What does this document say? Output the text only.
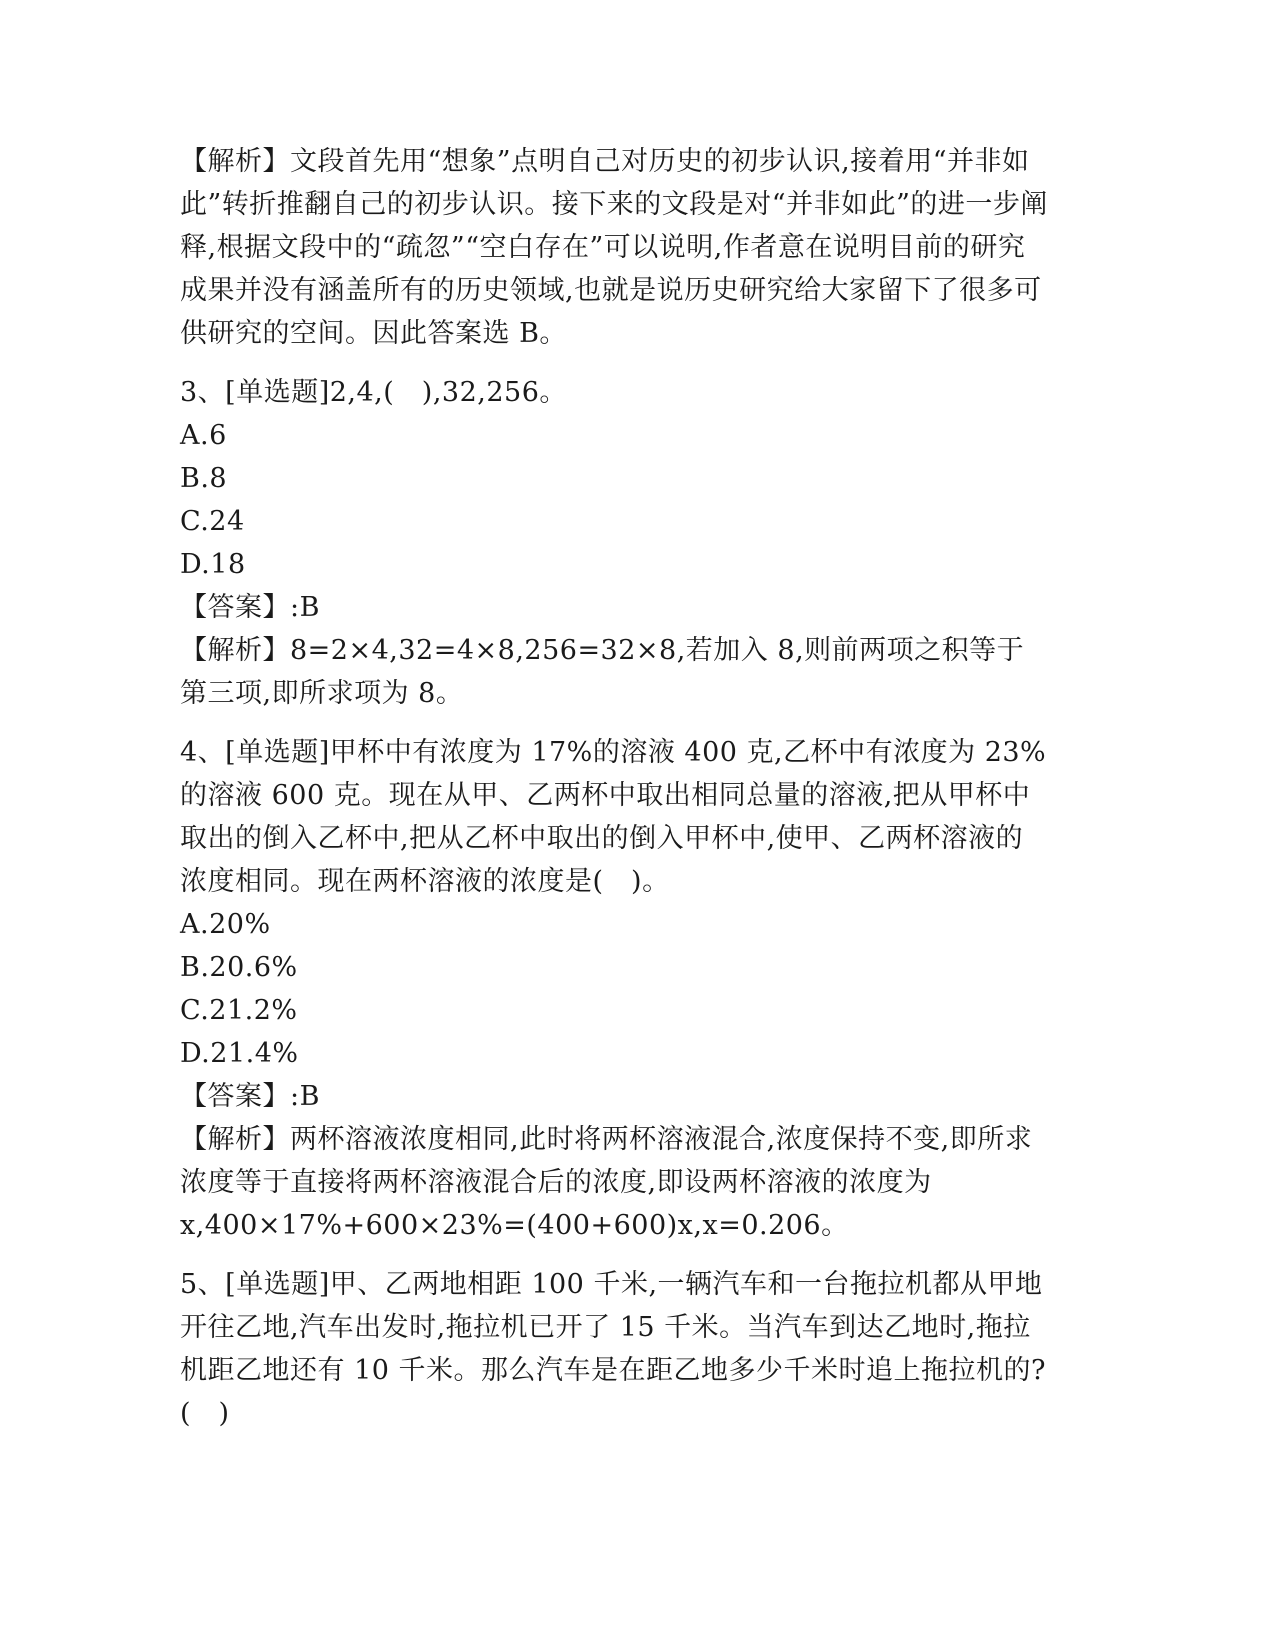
【解析】文段首先用“想象”点明自己对历史的初步认识,接着用“并非如此”转折推翻自己的初步认识。接下来的文段是对“并非如此”的进一步阐释,根据文段中的“疏忽”“空白存在”可以说明,作者意在说明目前的研究成果并没有涵盖所有的历史领域,也就是说历史研究给大家留下了很多可供研究的空间。因此答案选 B。

3、[单选题]2,4,(　),32,256。

A.6

B.8

C.24

D.18

【答案】:B

【解析】8=2×4,32=4×8,256=32×8,若加入 8,则前两项之积等于第三项,即所求项为 8。

4、[单选题]甲杯中有浓度为 17%的溶液 400 克,乙杯中有浓度为 23%的溶液 600 克。现在从甲、乙两杯中取出相同总量的溶液,把从甲杯中取出的倒入乙杯中,把从乙杯中取出的倒入甲杯中,使甲、乙两杯溶液的浓度相同。现在两杯溶液的浓度是(　)。

A.20%

B.20.6%

C.21.2%

D.21.4%

【答案】:B

【解析】两杯溶液浓度相同,此时将两杯溶液混合,浓度保持不变,即所求浓度等于直接将两杯溶液混合后的浓度,即设两杯溶液的浓度为x,400×17%+600×23%=(400+600)x,x=0.206。

5、[单选题]甲、乙两地相距 100 千米,一辆汽车和一台拖拉机都从甲地开往乙地,汽车出发时,拖拉机已开了 15 千米。当汽车到达乙地时,拖拉机距乙地还有 10 千米。那么汽车是在距乙地多少千米时追上拖拉机的?(　)
